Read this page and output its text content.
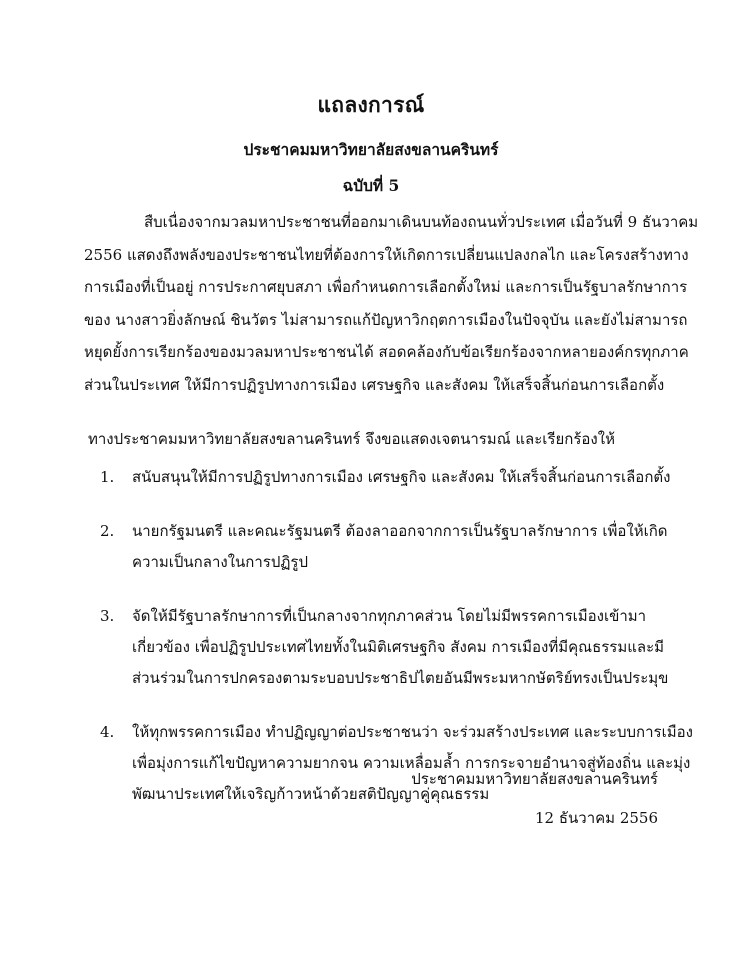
แถลงการณ์
ประชาคมมหาวิทยาลัยสงขลานครินทร์
ฉบับที่ 5
สืบเนื่องจากมวลมหาประชาชนที่ออกมาเดินบนท้องถนนทั่วประเทศ เมื่อวันที่ 9 ธันวาคม
2556 แสดงถึงพลังของประชาชนไทยที่ต้องการให้เกิดการเปลี่ยนแปลงกลไก และโครงสร้างทาง
การเมืองที่เป็นอยู่ การประกาศยุบสภา เพื่อกำหนดการเลือกตั้งใหม่ และการเป็นรัฐบาลรักษาการ
ของ นางสาวยิ่งลักษณ์ ชินวัตร ไม่สามารถแก้ปัญหาวิกฤตการเมืองในปัจจุบัน และยังไม่สามารถ
หยุดยั้งการเรียกร้องของมวลมหาประชาชนได้ สอดคล้องกับข้อเรียกร้องจากหลายองค์กรทุกภาค
ส่วนในประเทศ ให้มีการปฏิรูปทางการเมือง เศรษฐกิจ และสังคม ให้เสร็จสิ้นก่อนการเลือกตั้ง
ทางประชาคมมหาวิทยาลัยสงขลานครินทร์ จึงขอแสดงเจตนารมณ์ และเรียกร้องให้
1. สนับสนุนให้มีการปฏิรูปทางการเมือง เศรษฐกิจ และสังคม ให้เสร็จสิ้นก่อนการเลือกตั้ง
2. นายกรัฐมนตรี และคณะรัฐมนตรี ต้องลาออกจากการเป็นรัฐบาลรักษาการ เพื่อให้เกิด
ความเป็นกลางในการปฏิรูป
3. จัดให้มีรัฐบาลรักษาการที่เป็นกลางจากทุกภาคส่วน โดยไม่มีพรรคการเมืองเข้ามา
เกี่ยวข้อง เพื่อปฏิรูปประเทศไทยทั้งในมิติเศรษฐกิจ สังคม การเมืองที่มีคุณธรรมและมี
ส่วนร่วมในการปกครองตามระบอบประชาธิปไตยอันมีพระมหากษัตริย์ทรงเป็นประมุข
4. ให้ทุกพรรคการเมือง ทำปฏิญญาต่อประชาชนว่า จะร่วมสร้างประเทศ และระบบการเมือง
เพื่อมุ่งการแก้ไขปัญหาความยากจน ความเหลื่อมล้ำ การกระจายอำนาจสู่ท้องถิ่น และมุ่ง
พัฒนาประเทศให้เจริญก้าวหน้าด้วยสติปัญญาคู่คุณธรรม
ประชาคมมหาวิทยาลัยสงขลานครินทร์
12 ธันวาคม 2556
